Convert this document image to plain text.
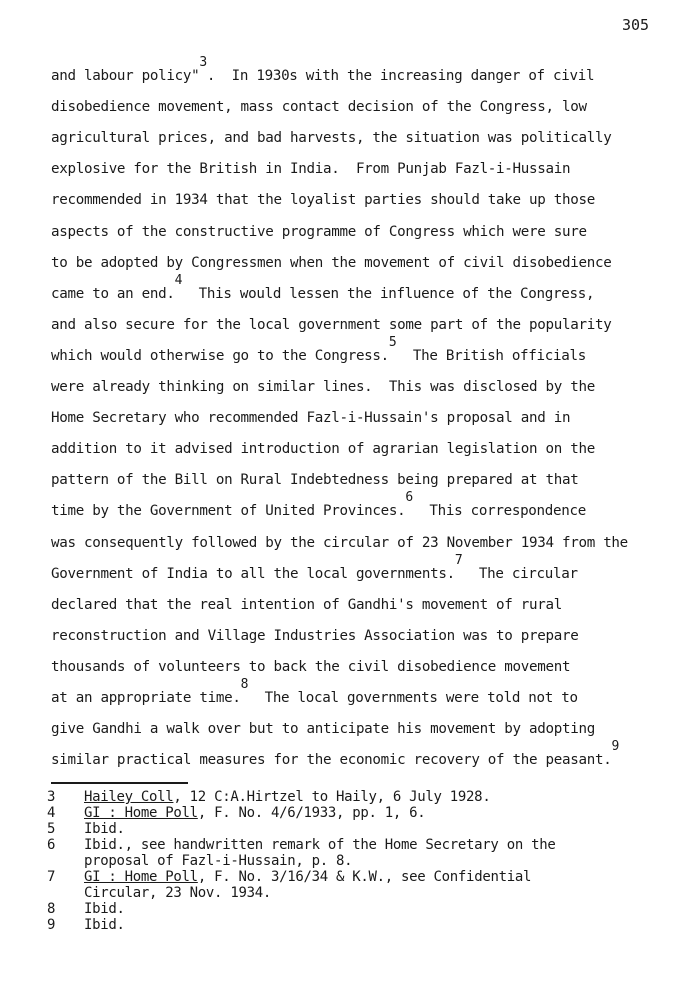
305
and labour policy"$^3$.  In 1930s with the increasing danger of civil
disobedience movement, mass contact decision of the Congress, low
agricultural prices, and bad harvests, the situation was politically
explosive for the British in India.  From Punjab Fazl-i-Hussain
recommended in 1934 that the loyalist parties should take up those
aspects of the constructive programme of Congress which were sure
to be adopted by Congressmen when the movement of civil disobedience
came to an end.$^4$  This would lessen the influence of the Congress,
and also secure for the local government some part of the popularity
which would otherwise go to the Congress.$^5$  The British officials
were already thinking on similar lines.  This was disclosed by the
Home Secretary who recommended Fazl-i-Hussain's proposal and in
addition to it advised introduction of agrarian legislation on the
pattern of the Bill on Rural Indebtedness being prepared at that
time by the Government of United Provinces.$^6$  This correspondence
was consequently followed by the circular of 23 November 1934 from the
Government of India to all the local governments.$^7$  The circular
declared that the real intention of Gandhi's movement of rural
reconstruction and Village Industries Association was to prepare
thousands of volunteers to back the civil disobedience movement
at an appropriate time.$^8$  The local governments were told not to
give Gandhi a walk over but to anticipate his movement by adopting
similar practical measures for the economic recovery of the peasant.$^9$
3 Hailey Coll, 12 C:A.Hirtzel to Haily, 6 July 1928.
4 GI : Home Poll, F. No. 4/6/1933, pp. 1, 6.
5 Ibid.
6 Ibid., see handwritten remark of the Home Secretary on the
proposal of Fazl-i-Hussain, p. 8.
7 GI : Home Poll, F. No. 3/16/34 & K.W., see Confidential
Circular, 23 Nov. 1934.
8 Ibid.
9 Ibid.
